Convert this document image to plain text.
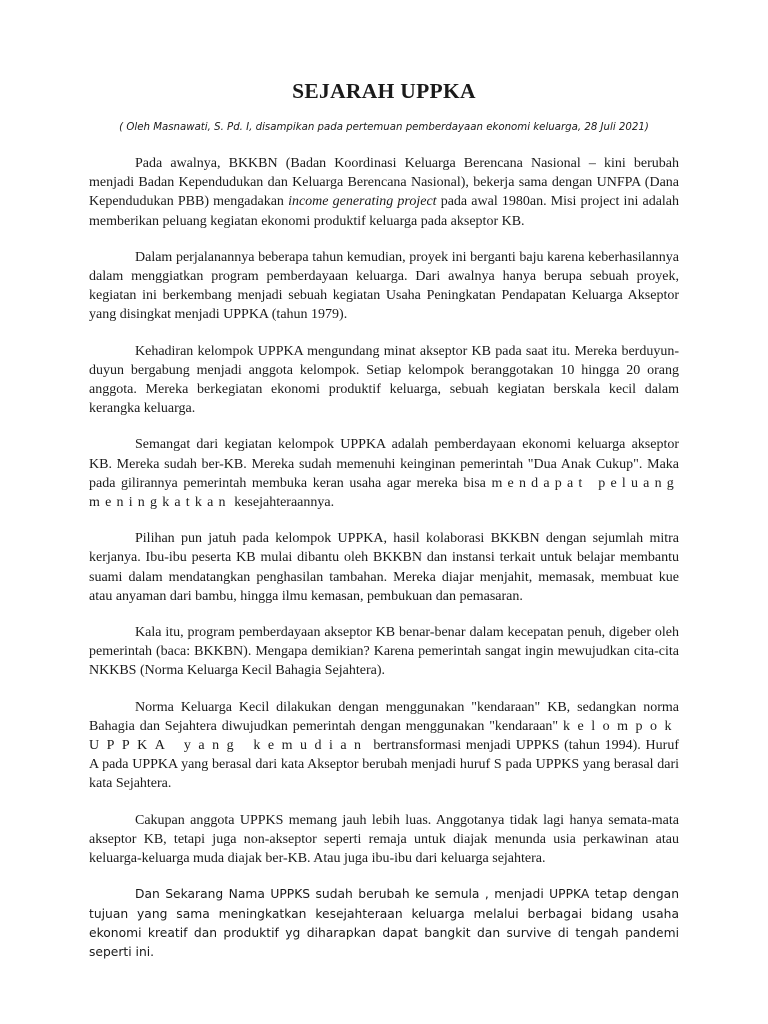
SEJARAH UPPKA
( Oleh Masnawati, S. Pd. I, disampikan pada pertemuan pemberdayaan ekonomi keluarga, 28 Juli 2021)

Pada awalnya, BKKBN (Badan Koordinasi Keluarga Berencana Nasional – kini berubah menjadi Badan Kependudukan dan Keluarga Berencana Nasional), bekerja sama dengan UNFPA (Dana Kependudukan PBB) mengadakan income generating project pada awal 1980an. Misi project ini adalah memberikan peluang kegiatan ekonomi produktif keluarga pada akseptor KB.

Dalam perjalanannya beberapa tahun kemudian, proyek ini berganti baju karena keberhasilannya dalam menggiatkan program pemberdayaan keluarga. Dari awalnya hanya berupa sebuah proyek, kegiatan ini berkembang menjadi sebuah kegiatan Usaha Peningkatan Pendapatan Keluarga Akseptor yang disingkat menjadi UPPKA (tahun 1979).

Kehadiran kelompok UPPKA mengundang minat akseptor KB pada saat itu. Mereka berduyun- duyun bergabung menjadi anggota kelompok. Setiap kelompok beranggotakan 10 hingga 20 orang anggota. Mereka berkegiatan ekonomi produktif keluarga, sebuah kegiatan berskala kecil dalam kerangka keluarga.

Semangat dari kegiatan kelompok UPPKA adalah pemberdayaan ekonomi keluarga akseptor KB. Mereka sudah ber-KB. Mereka sudah memenuhi keinginan pemerintah "Dua Anak Cukup". Maka pada gilirannya pemerintah membuka keran usaha agar mereka bisa mendapat peluang meningkatkan kesejahteraannya.

Pilihan pun jatuh pada kelompok UPPKA, hasil kolaborasi BKKBN dengan sejumlah mitra kerjanya. Ibu-ibu peserta KB mulai dibantu oleh BKKBN dan instansi terkait untuk belajar membantu suami dalam mendatangkan penghasilan tambahan. Mereka diajar menjahit, memasak, membuat kue atau anyaman dari bambu, hingga ilmu kemasan, pembukuan dan pemasaran.

Kala itu, program pemberdayaan akseptor KB benar-benar dalam kecepatan penuh, digeber oleh pemerintah (baca: BKKBN). Mengapa demikian? Karena pemerintah sangat ingin mewujudkan cita-cita NKKBS (Norma Keluarga Kecil Bahagia Sejahtera).

Norma Keluarga Kecil dilakukan dengan menggunakan "kendaraan" KB, sedangkan norma Bahagia dan Sejahtera diwujudkan pemerintah dengan menggunakan "kendaraan" kelompok UPPKA yang kemudian bertransformasi menjadi UPPKS (tahun 1994). Huruf A pada UPPKA yang berasal dari kata Akseptor berubah menjadi huruf S pada UPPKS yang berasal dari kata Sejahtera.

Cakupan anggota UPPKS memang jauh lebih luas. Anggotanya tidak lagi hanya semata-mata akseptor KB, tetapi juga non-akseptor seperti remaja untuk diajak menunda usia perkawinan atau keluarga-keluarga muda diajak ber-KB. Atau juga ibu-ibu dari keluarga sejahtera.

Dan Sekarang Nama UPPKS sudah berubah ke semula , menjadi UPPKA tetap dengan tujuan yang sama meningkatkan kesejahteraan keluarga melalui berbagai bidang usaha ekonomi kreatif dan produktif yg diharapkan dapat bangkit dan survive di tengah pandemi seperti ini.
